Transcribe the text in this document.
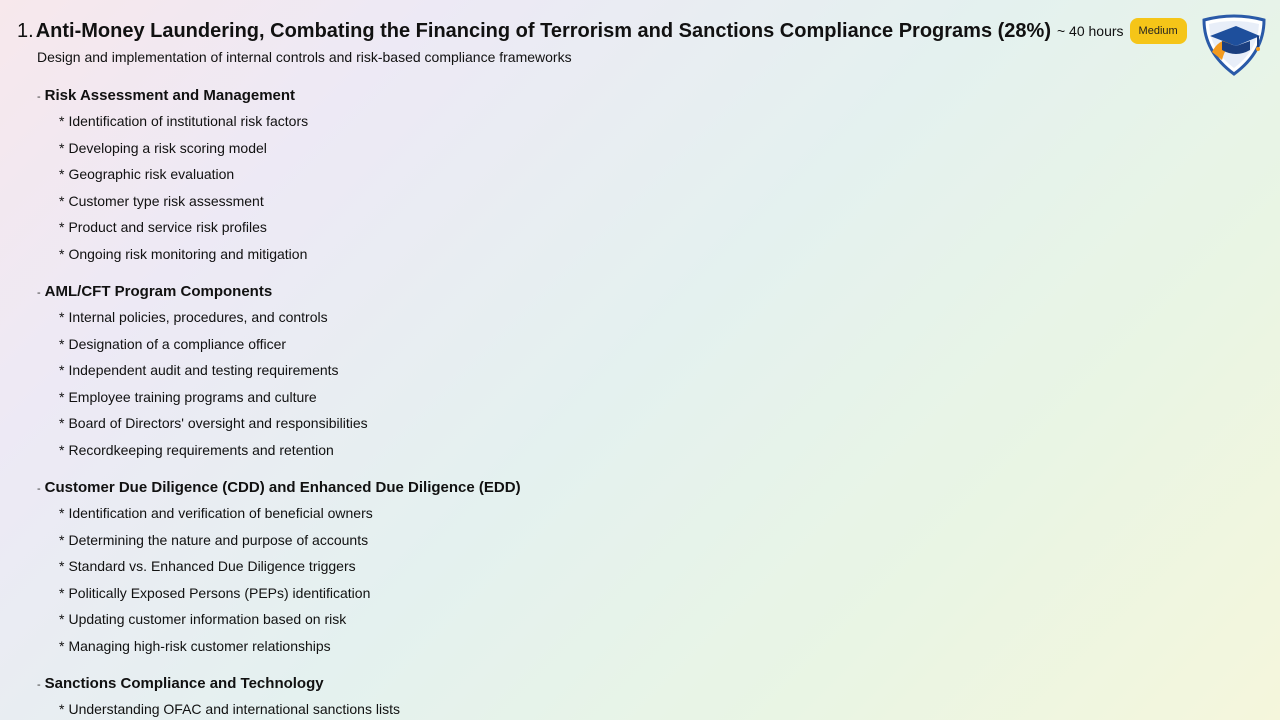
1. Anti-Money Laundering, Combating the Financing of Terrorism and Sanctions Compliance Programs (28%) ~ 40 hours	Medium
Design and implementation of internal controls and risk-based compliance frameworks
- Risk Assessment and Management
* Identification of institutional risk factors
* Developing a risk scoring model
* Geographic risk evaluation
* Customer type risk assessment
* Product and service risk profiles
* Ongoing risk monitoring and mitigation
- AML/CFT Program Components
* Internal policies, procedures, and controls
* Designation of a compliance officer
* Independent audit and testing requirements
* Employee training programs and culture
* Board of Directors' oversight and responsibilities
* Recordkeeping requirements and retention
- Customer Due Diligence (CDD) and Enhanced Due Diligence (EDD)
* Identification and verification of beneficial owners
* Determining the nature and purpose of accounts
* Standard vs. Enhanced Due Diligence triggers
* Politically Exposed Persons (PEPs) identification
* Updating customer information based on risk
* Managing high-risk customer relationships
- Sanctions Compliance and Technology
* Understanding OFAC and international sanctions lists
